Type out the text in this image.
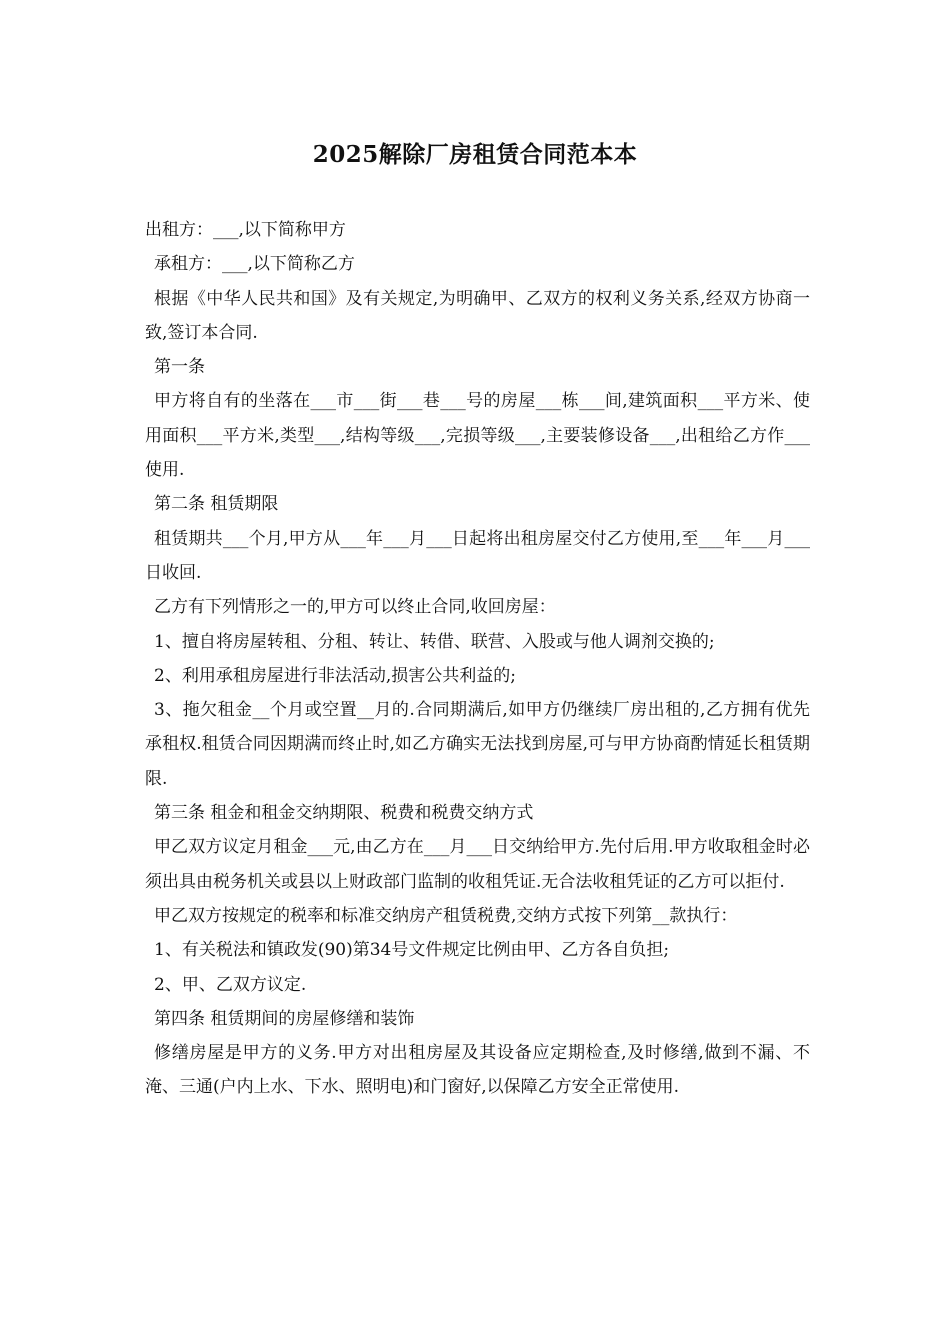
2025解除厂房租赁合同范本本

出租方：___,以下简称甲方

承租方：___,以下简称乙方

根据《中华人民共和国》及有关规定,为明确甲、乙双方的权利义务关系,经双方协商一致,签订本合同.

第一条

甲方将自有的坐落在___市___街___巷___号的房屋___栋___间,建筑面积___平方米、使用面积___平方米,类型___,结构等级___,完损等级___,主要装修设备___,出租给乙方作___使用.

第二条 租赁期限

租赁期共___个月,甲方从___年___月___日起将出租房屋交付乙方使用,至___年___月___日收回.

乙方有下列情形之一的,甲方可以终止合同,收回房屋：

1、擅自将房屋转租、分租、转让、转借、联营、入股或与他人调剂交换的;

2、利用承租房屋进行非法活动,损害公共利益的;

3、拖欠租金__个月或空置__月的.合同期满后,如甲方仍继续厂房出租的,乙方拥有优先承租权.租赁合同因期满而终止时,如乙方确实无法找到房屋,可与甲方协商酌情延长租赁期限.

第三条 租金和租金交纳期限、税费和税费交纳方式

甲乙双方议定月租金___元,由乙方在___月___日交纳给甲方.先付后用.甲方收取租金时必须出具由税务机关或县以上财政部门监制的收租凭证.无合法收租凭证的乙方可以拒付.

甲乙双方按规定的税率和标准交纳房产租赁税费,交纳方式按下列第__款执行：

1、有关税法和镇政发(90)第34号文件规定比例由甲、乙方各自负担;

2、甲、乙双方议定.

第四条 租赁期间的房屋修缮和装饰

修缮房屋是甲方的义务.甲方对出租房屋及其设备应定期检查,及时修缮,做到不漏、不淹、三通(户内上水、下水、照明电)和门窗好,以保障乙方安全正常使用.
